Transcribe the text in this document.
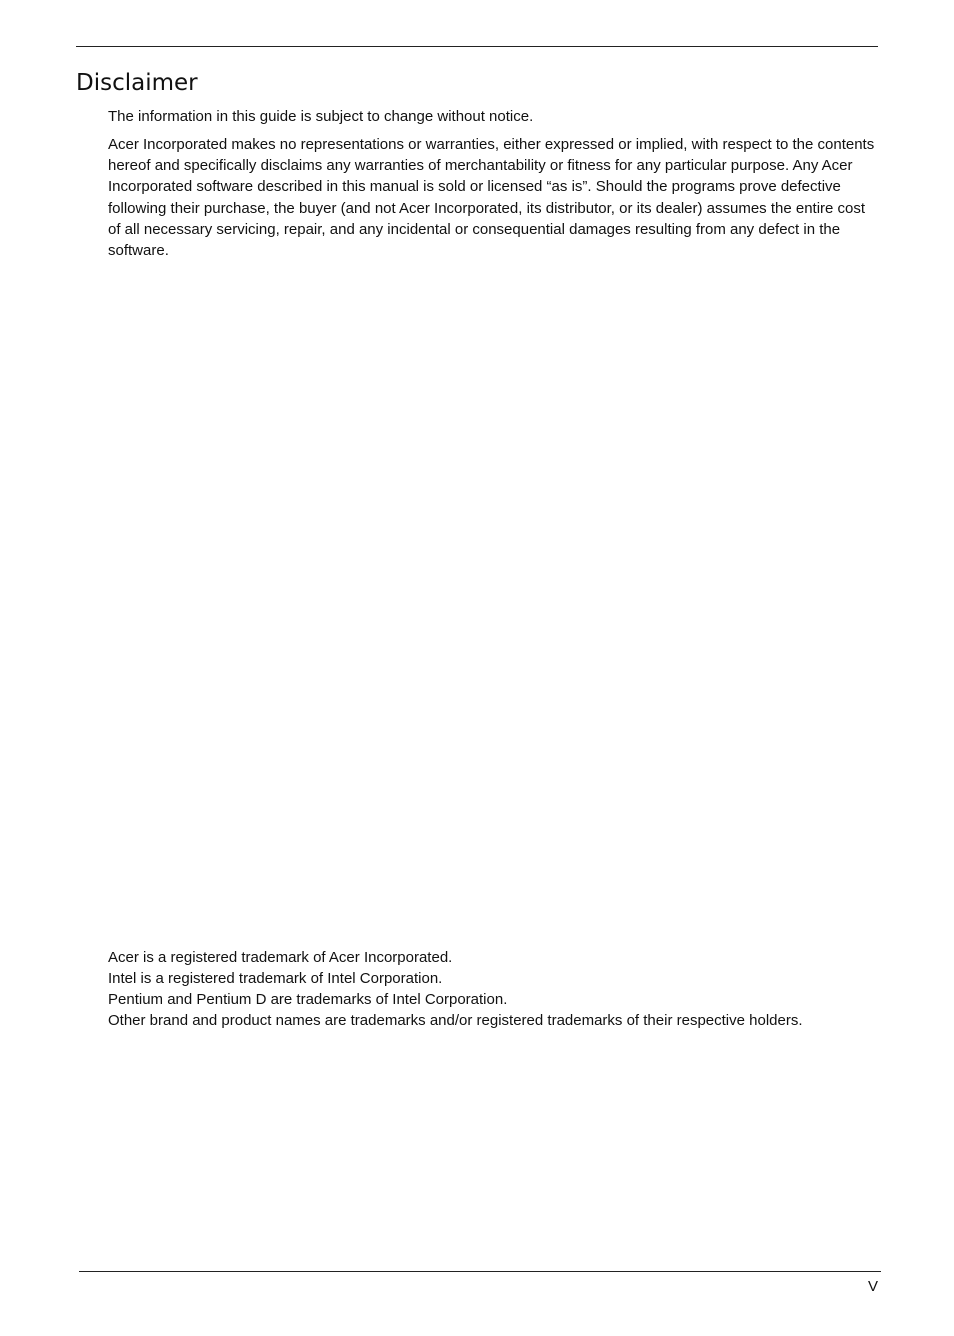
Disclaimer

The information in this guide is subject to change without notice.

Acer Incorporated makes no representations or warranties, either expressed or implied, with respect to the contents hereof and specifically disclaims any warranties of merchantability or fitness for any particular purpose. Any Acer Incorporated software described in this manual is sold or licensed “as is”. Should the programs prove defective following their purchase, the buyer (and not Acer Incorporated, its distributor, or its dealer) assumes the entire cost of all necessary servicing, repair, and any incidental or consequential damages resulting from any defect in the software.

Acer is a registered trademark of Acer Incorporated.
Intel is a registered trademark of Intel Corporation.
Pentium and Pentium D are trademarks of Intel Corporation.
Other brand and product names are trademarks and/or registered trademarks of their respective holders.
V
